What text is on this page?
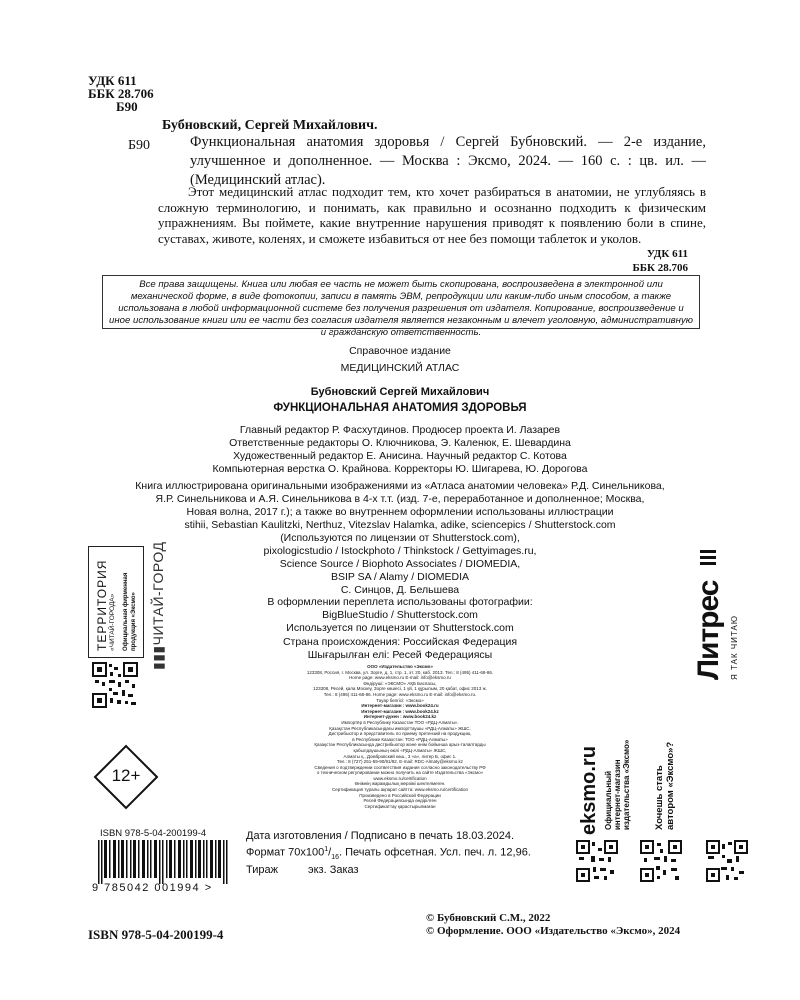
УДК 611
ББК 28.706
Б90
Бубновский, Сергей Михайлович.
Б90	Функциональная анатомия здоровья / Сергей Бубновский. — 2-е издание, улучшенное и дополненное. — Москва : Эксмо, 2024. — 160 с. : цв. ил. — (Медицинский атлас).
Этот медицинский атлас подходит тем, кто хочет разбираться в анатомии, не углубляясь в сложную терминологию, и понимать, как правильно и осознанно подходить к физическим упражнениям. Вы поймете, какие внутренние нарушения приводят к появлению боли в спине, суставах, животе, коленях, и сможете избавиться от нее без помощи таблеток и уколов.
УДК 611
ББК 28.706
Все права защищены. Книга или любая ее часть не может быть скопирована, воспроизведена в электронной или механической форме, в виде фотокопии, записи в память ЭВМ, репродукции или каким-либо иным способом, а также использована в любой информационной системе без получения разрешения от издателя. Копирование, воспроизведение и иное использование книги или ее части без согласия издателя является незаконным и влечет уголовную, административную и гражданскую ответственность.
Справочное издание
МЕДИЦИНСКИЙ АТЛАС
Бубновский Сергей Михайлович
ФУНКЦИОНАЛЬНАЯ АНАТОМИЯ ЗДОРОВЬЯ
Главный редактор Р. Фасхутдинов. Продюсер проекта И. Лазарев
Ответственные редакторы О. Ключникова, Э. Каленюк, Е. Шевардина
Художественный редактор Е. Анисина. Научный редактор С. Котова
Компьютерная верстка О. Крайнова. Корректоры Ю. Шигарева, Ю. Дорогова
Книга иллюстрирована оригинальными изображениями из «Атласа анатомии человека» Р.Д. Синельникова,
Я.Р. Синельникова и А.Я. Синельникова в 4-х т.т. (изд. 7-е, переработанное и дополненное; Москва,
Новая волна, 2017 г.); а также во внутреннем оформлении использованы иллюстрации
stihii, Sebastian Kaulitzki, Nerthuz, Vitezslav Halamka, adike, sciencepics / Shutterstock.com
(Используются по лицензии от Shutterstock.com),
pixologicstudio / Istockphoto / Thinkstock / Gettyimages.ru,
Science Source / Biophoto Associates / DIOMEDIA,
BSIP SA / Alamy / DIOMEDIA
С. Синцов, Д. Бельшева
В оформлении переплета использованы фотографии:
BigBlueStudio / Shutterstock.com
Используется по лицензии от Shutterstock.com
Страна происхождения: Российская Федерация
Шығарылған елі: Ресей Федерациясы
ООО «Издательство «Эксмо»
123308, Россия, г. Москва, ул. Зорге, д. 1, стр. 1, эт. 20, каб. 2013. Тел.: 8 (495) 411-68-86.
Home page: www.eksmo.ru E-mail: info@eksmo.ru
Өндіруші: «ЭКСМО» АҚБ Баспасы,
123308, Ресей, қала Мәскеу, Зорге көшесі, 1 үй, 1 құрылым, 20 қабат, офис 2013 ж.
Тел.: 8 (495) 411-68-86. Home page: www.eksmo.ru E-mail: info@eksmo.ru.
Тауар белгісі: «Эксмо»
Интернет-магазин : www.book24.ru
Интернет-магазин : www.book24.kz
Интернет-дүкен : www.book24.kz
Импортёр в Республику Казахстан ТОО «РДЦ-Алматы».
Қазақстан Республикасындағы импорттаушы «РДЦ-Алматы» ЖШС.
Дистрибьютор и представитель по приему претензий на продукцию,
в Республике Казахстан: ТОО «РДЦ-Алматы»
Қазақстан Республикасында дистрибьютор және өнім бойынша арыз-талаптарды
қабылдаушының өкілі «РДЦ-Алматы» ЖШС,
Алматы қ., Домбровский көш., 3 «а», литер Б, офис 1.
Тел.: 8 (727) 251-59-90/91/92. E-mail: RDC-Almaty@eksmo.kz
Сведения о подтверждении соответствия издания согласно законодательству РФ
о техническом регулировании можно получить на сайте Издательства «Эксмо»
www.eksmo.ru/certification
Өнімнің жарамдылық мерзімі шектелмеген.
Сертификация туралы ақпарат сайтта: www.eksmo.ru/certification
Произведено в Российской Федерации
Ресей Федерациясында өндірілген
Сертификаттау қарастырылмаған
ТЕРРИТОРИЯ «ЧИТАЙ-ГОРОДА» Официальная фирменная продукция «Эксмо»
▮▮▮ЧИТАЙ-ГОРОД
12+
ISBN 978-5-04-200199-4
9 785042 001994 >
Дата изготовления / Подписано в печать 18.03.2024.
Формат $70х100^1/_{16}$. Печать офсетная. Усл. печ. л. 12,96.
Тираж	экз. Заказ
eksmo.ru Официальный интернет-магазин издательства «Эксмо» Хочешь стать автором «Эксмо»?
Литрес Я ТАК ЧИТАЮ
© Бубновский С.М., 2022
© Оформление. ООО «Издательство «Эксмо», 2024
ISBN 978-5-04-200199-4
